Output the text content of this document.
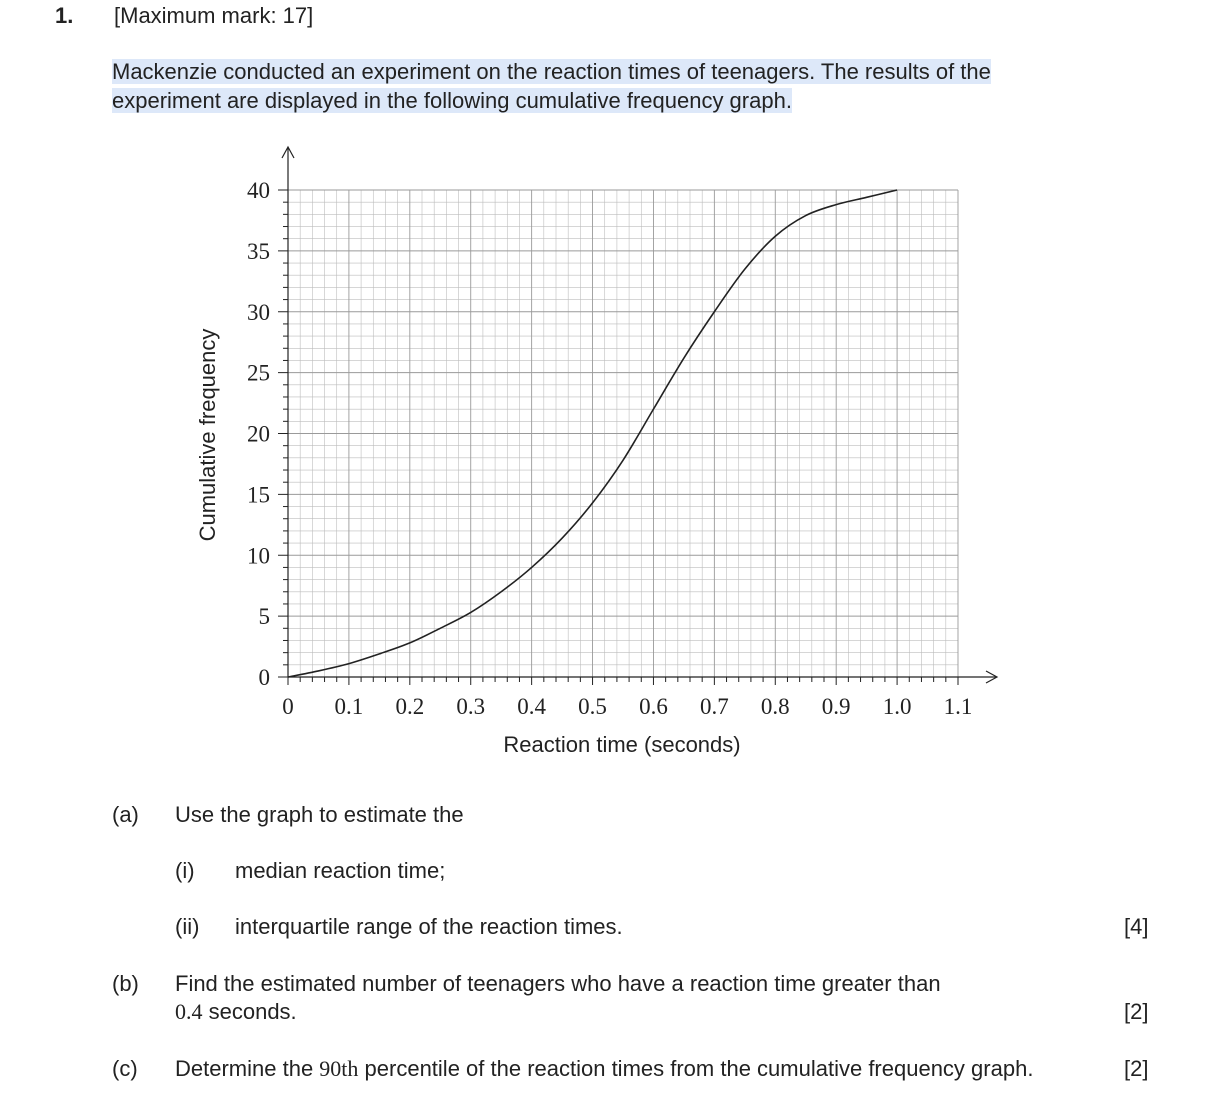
1. [Maximum mark: 17]
Mackenzie conducted an experiment on the reaction times of teenagers. The results of the
experiment are displayed in the following cumulative frequency graph.
0 0.1 0.2 0.3 0.4 0.5 0.6 0.7 0.8 0.9 1.0 1.1
0
5
10
15
20
25
30
35
40
Reaction time (seconds)
Cumulative frequency
(a) Use the graph to estimate the
(i) median reaction time;
(ii) interquartile range of the reaction times.	[4]
(b) Find the estimated number of teenagers who have a reaction time greater than
0.4 seconds.	[2]
(c) Determine the 90th percentile of the reaction times from the cumulative frequency graph.	[2]
